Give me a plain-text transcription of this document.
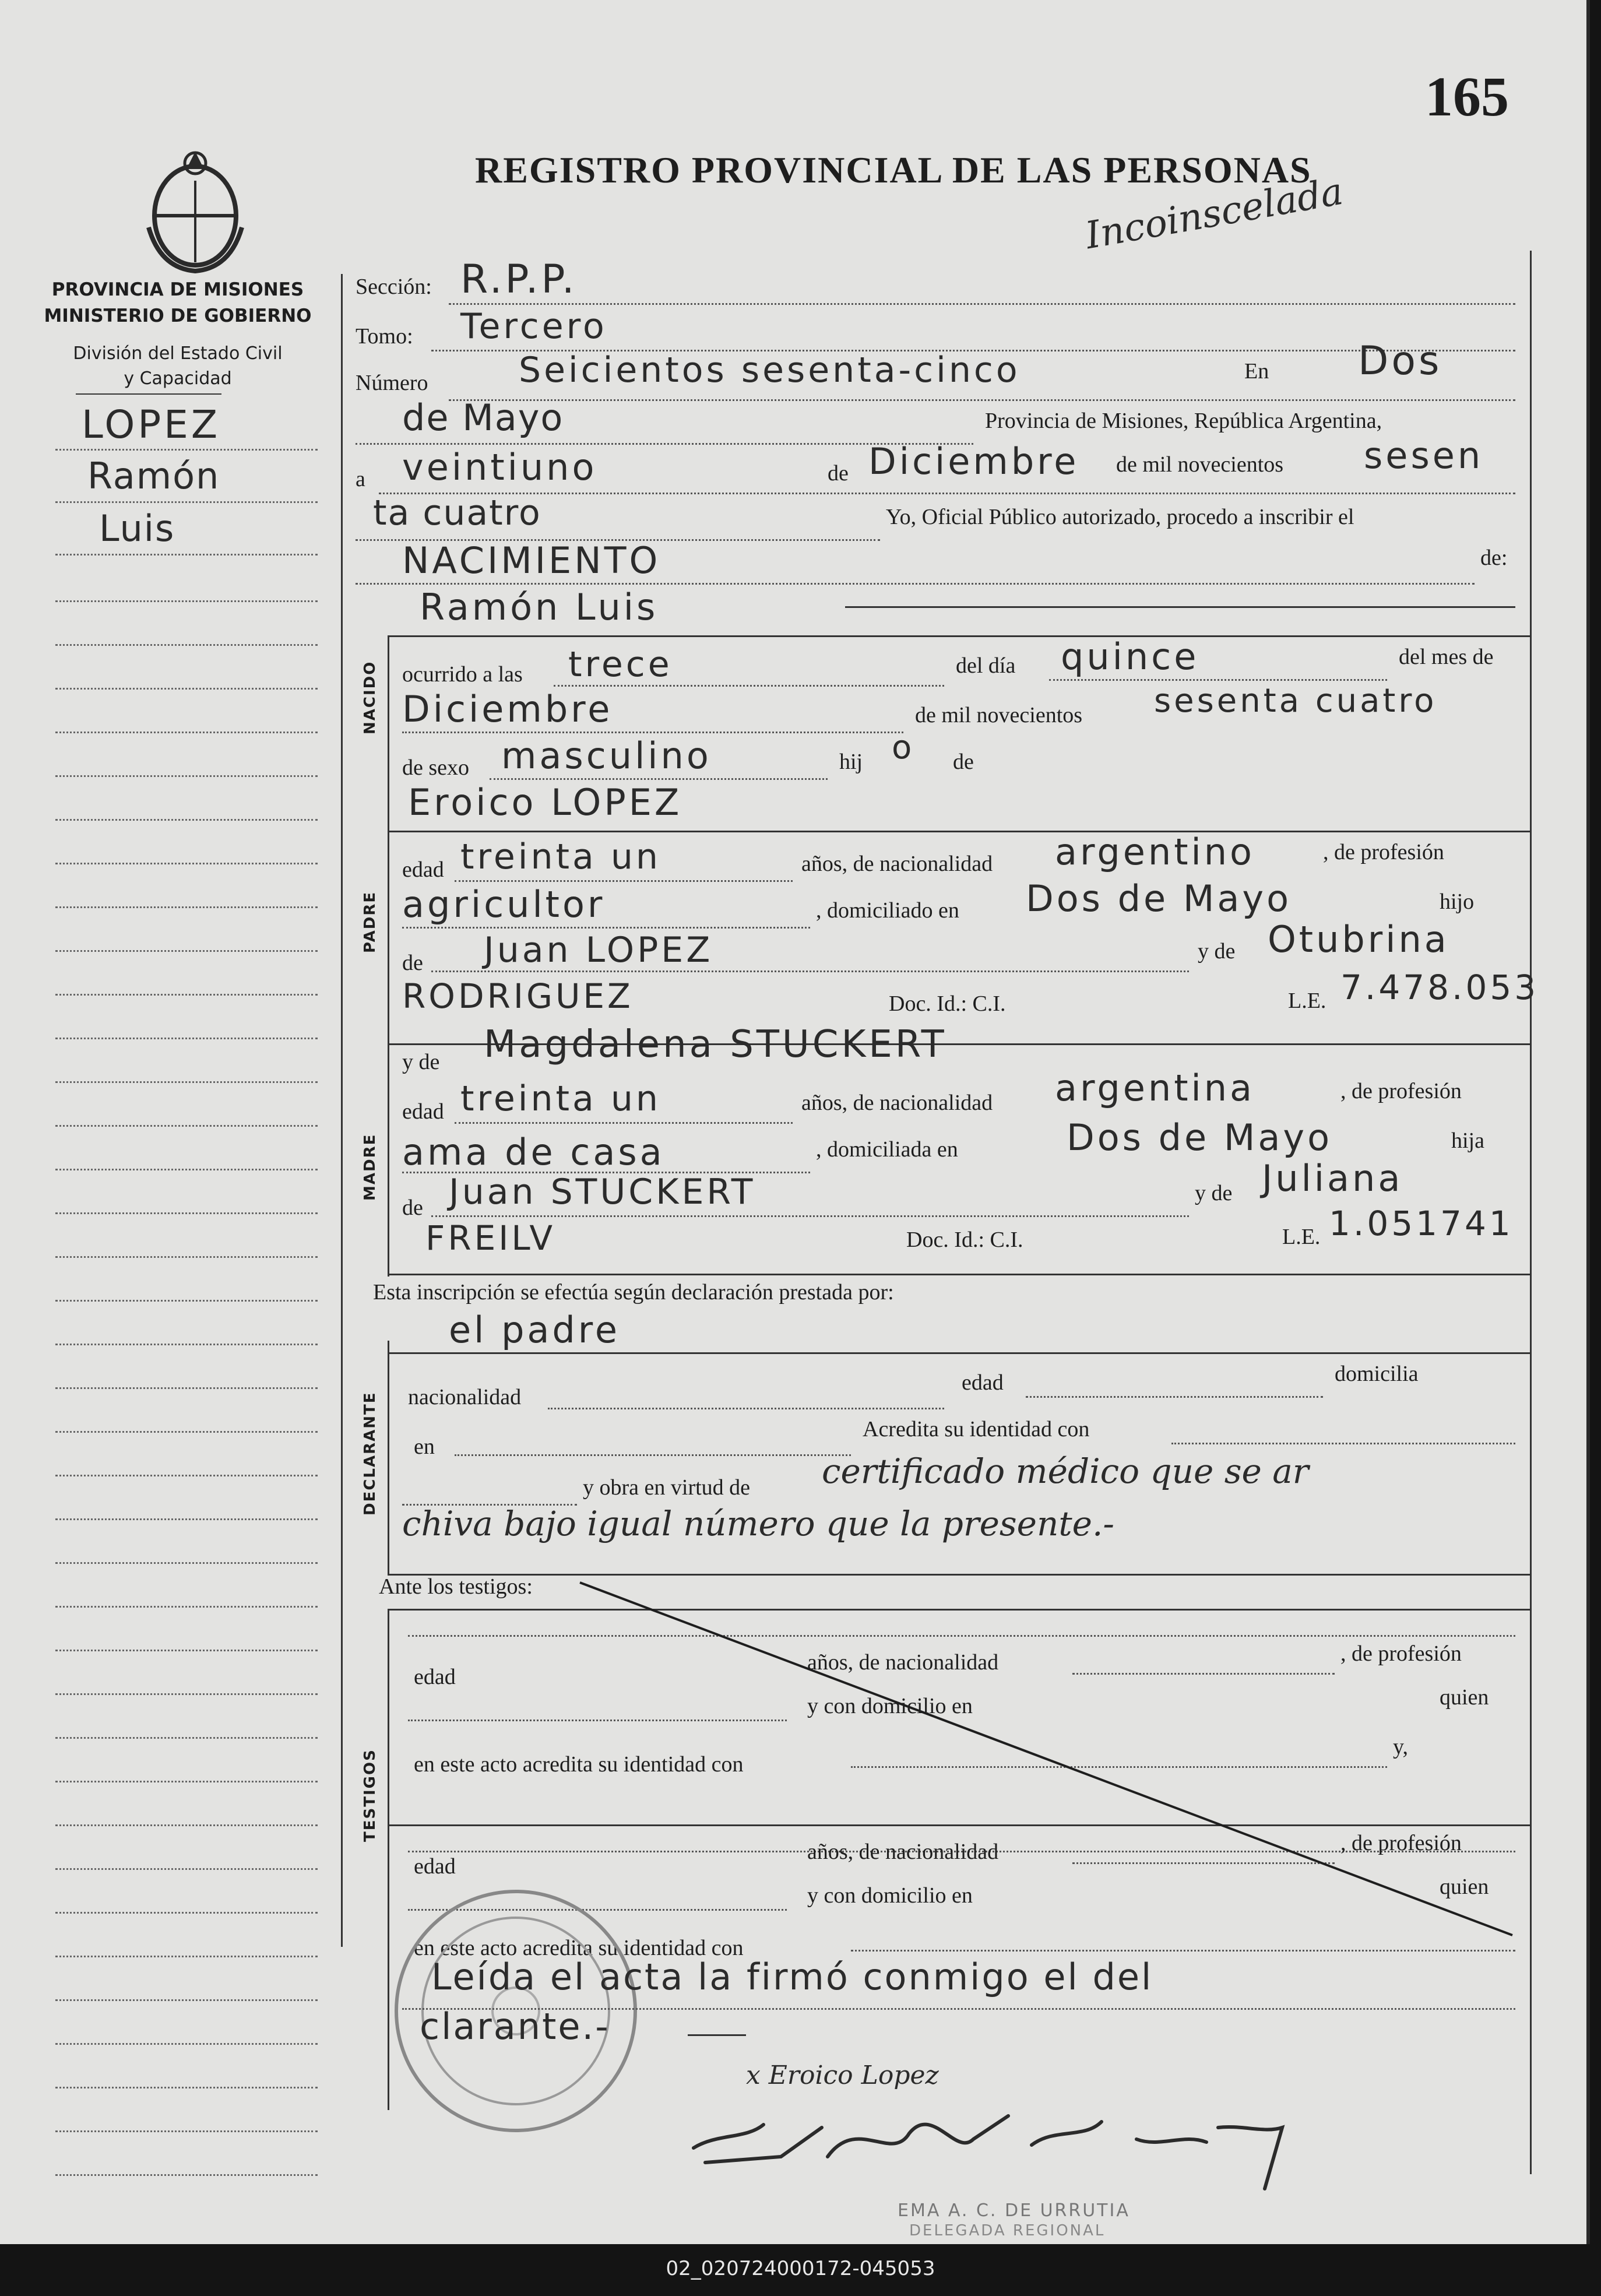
165
REGISTRO PROVINCIAL DE LAS PERSONAS
Incoinscelada
PROVINCIA DE MISIONES
MINISTERIO DE GOBIERNO
División del Estado Civil
y Capacidad
LOPEZ
Ramón
Luis
Sección: R.P.P.
Tomo: Tercero
Número	Seicientos sesenta-cinco	En Dos
de Mayo	Provincia de Misiones, República Argentina,
a veintiuno	de Diciembre de mil novecientos sesen
ta cuatro	Yo, Oficial Público autorizado, procedo a inscribir el
NACIMIENTO	de:
Ramón Luis
NACIDO ocurrido a las trece	del día quince	del mes de
Diciembre	de mil novecientos sesenta cuatro
de sexo masculino	hij o de
Eroico LOPEZ
PADRE
edad treinta un	años, de nacionalidad argentino	, de profesión
agricultor	, domiciliado en Dos de Mayo	hijo
de Juan LOPEZ	y de Otubrina
RODRIGUEZ	Doc. Id.: C.I.	L.E. 7.478.053
MADRE
y de Magdalena STUCKERT
edad treinta un	años, de nacionalidad argentina	, de profesión
ama de casa	, domiciliada en	Dos de Mayo	hija
de Juan STUCKERT	y de Juliana
FREILV	Doc. Id.: C.I.	L.E. 1.051741
Esta inscripción se efectúa según declaración prestada por:
el padre
DECLARANTE nacionalidad
edad	domicilia
en
Acredita su identidad con
y obra en virtud de certificado médico que se ar
chiva bajo igual número que la presente.-
Ante los testigos:
TESTIGOS
edad
años, de nacionalidad	, de profesión
y con domicilio en	quien
en este acto acredita su identidad con
y,
edad
años, de nacionalidad	, de profesión
y con domicilio en	quien
en este acto acredita su identidad con
Leída el acta la firmó conmigo el del
clarante.-
x Eroico Lopez
EMA A. C. DE URRUTIA
DELEGADA REGIONAL
02_020724000172-045053
